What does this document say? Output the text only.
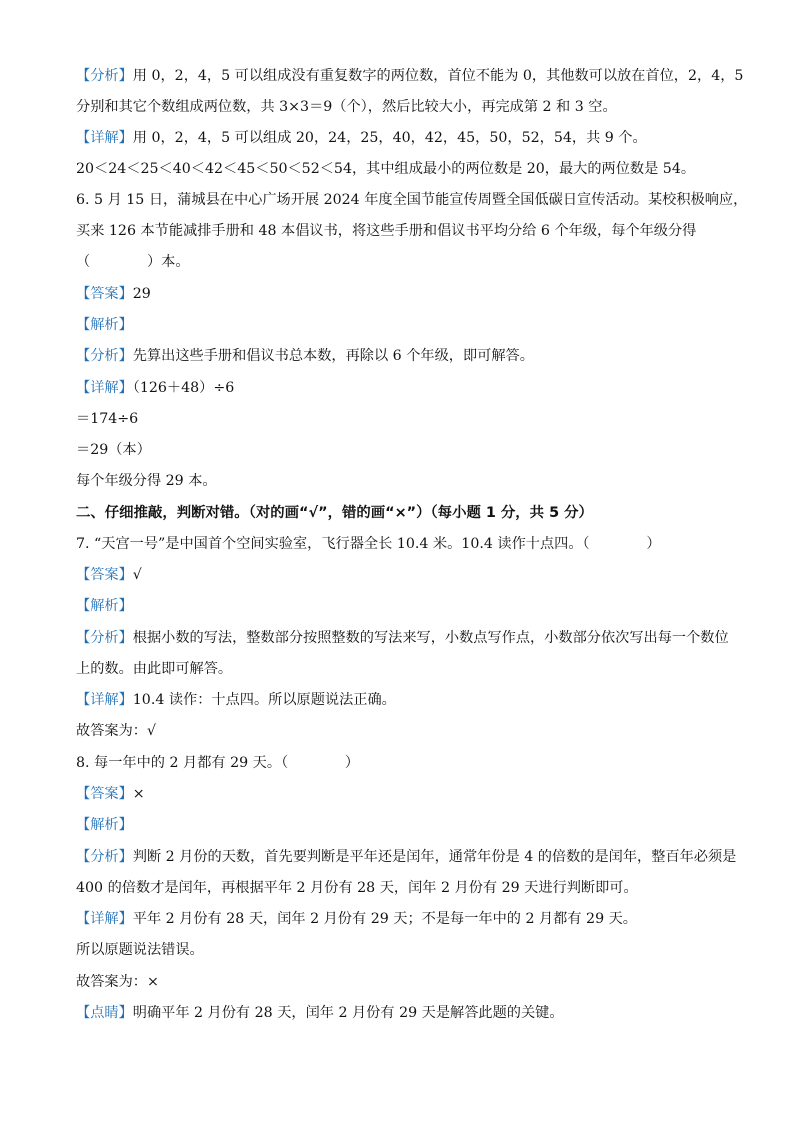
【分析】用 0，2，4，5 可以组成没有重复数字的两位数，首位不能为 0，其他数可以放在首位，2，4，5
分别和其它个数组成两位数，共 3×3＝9（个），然后比较大小，再完成第 2 和 3 空。
【详解】用 0，2，4，5 可以组成 20，24，25，40，42，45，50，52，54，共 9 个。
20＜24＜25＜40＜42＜45＜50＜52＜54，其中组成最小的两位数是 20，最大的两位数是 54。
6. 5 月 15 日，蒲城县在中心广场开展 2024 年度全国节能宣传周暨全国低碳日宣传活动。某校积极响应，
买来 126 本节能减排手册和 48 本倡议书，将这些手册和倡议书平均分给 6 个年级，每个年级分得
（　　　　）本。
【答案】29
【解析】
【分析】先算出这些手册和倡议书总本数，再除以 6 个年级，即可解答。
【详解】（126＋48）÷6
＝174÷6
＝29（本）
每个年级分得 29 本。
二、仔细推敲，判断对错。（对的画“√”，错的画“×”）（每小题 1 分，共 5 分）
7. “天宫一号”是中国首个空间实验室，飞行器全长 10.4 米。10.4 读作十点四。（　　　　）
【答案】√
【解析】
【分析】根据小数的写法，整数部分按照整数的写法来写，小数点写作点，小数部分依次写出每一个数位
上的数。由此即可解答。
【详解】10.4 读作：十点四。所以原题说法正确。
故答案为：√
8. 每一年中的 2 月都有 29 天。（　　　　）
【答案】×
【解析】
【分析】判断 2 月份的天数，首先要判断是平年还是闰年，通常年份是 4 的倍数的是闰年，整百年必须是
400 的倍数才是闰年，再根据平年 2 月份有 28 天，闰年 2 月份有 29 天进行判断即可。
【详解】平年 2 月份有 28 天，闰年 2 月份有 29 天；不是每一年中的 2 月都有 29 天。
所以原题说法错误。
故答案为：×
【点睛】明确平年 2 月份有 28 天，闰年 2 月份有 29 天是解答此题的关键。
